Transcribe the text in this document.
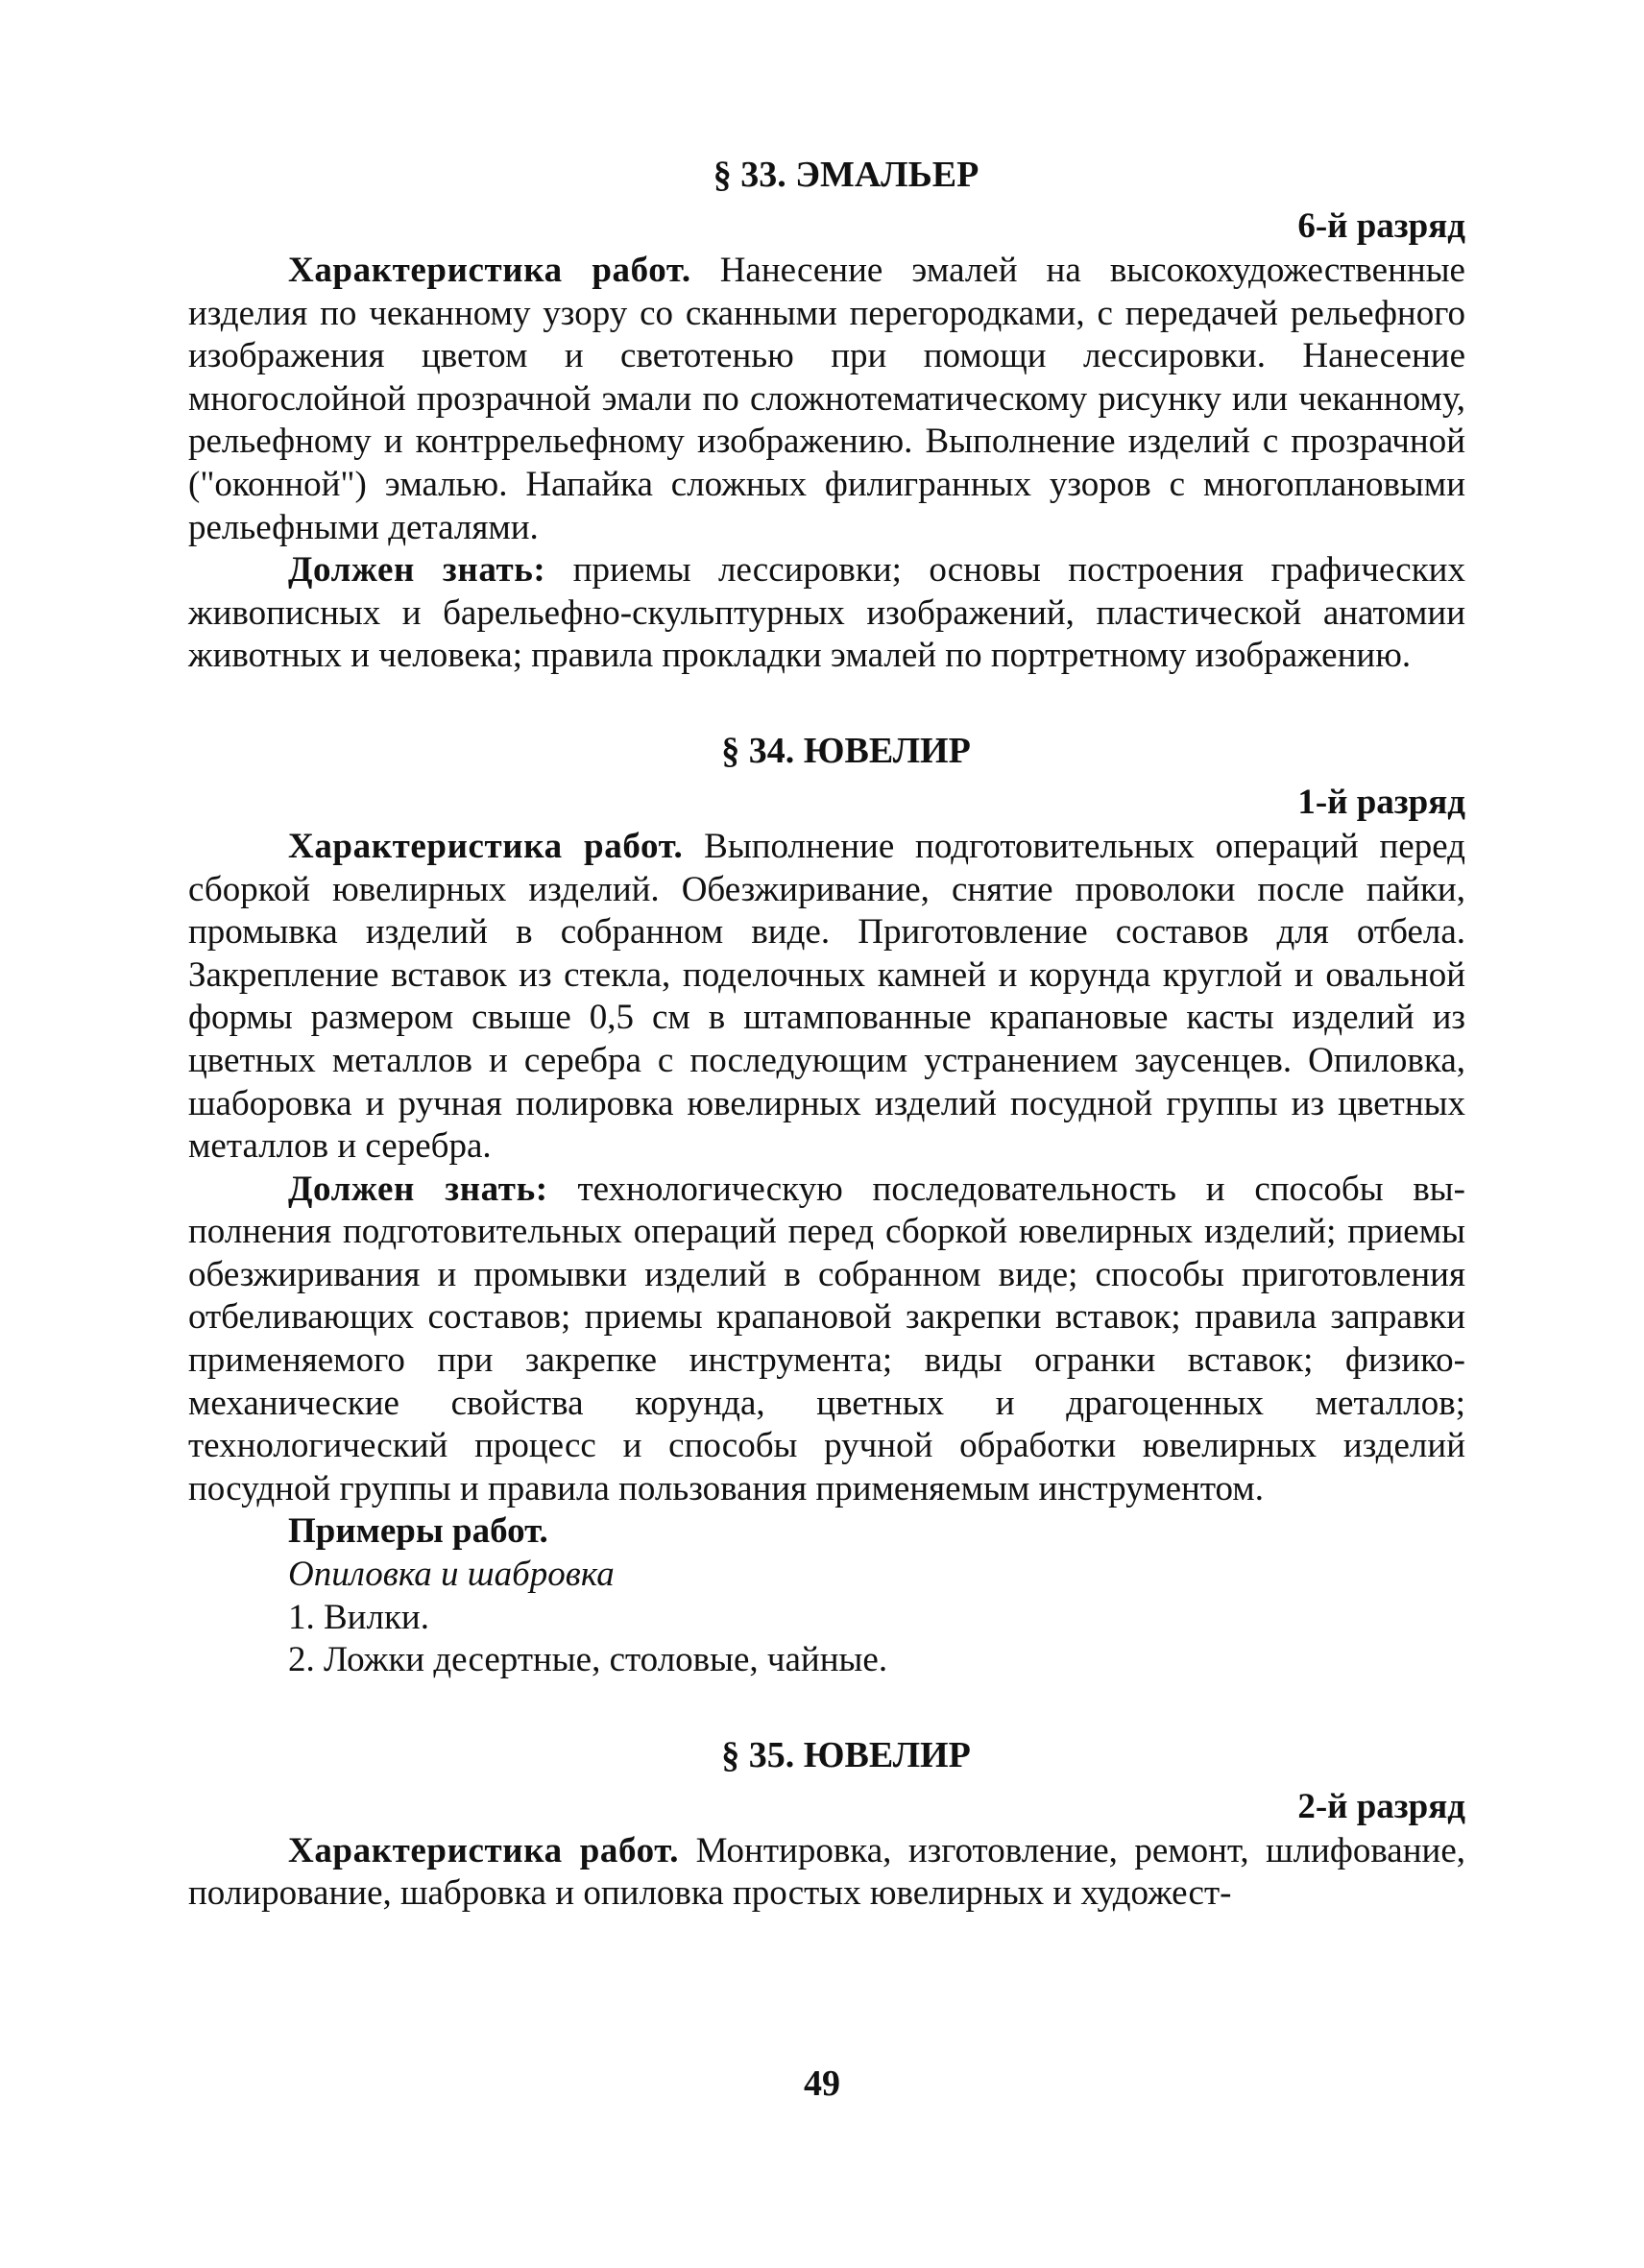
§ 33. ЭМАЛЬЕР
6-й разряд

Характеристика работ. Нанесение эмалей на высокохудожественные изделия по чеканному узору со сканными перегородками, с передачей рельефного изображения цветом и светотенью при помощи лессировки. Нанесение многослойной прозрачной эмали по сложнотематическому рисунку или чеканному, рельефному и контррельефному изображению. Выполнение изделий с прозрачной ("оконной") эмалью. Напайка сложных филигранных узоров с многоплановыми рельефными деталями.

Должен знать: приемы лессировки; основы построения графических живописных и барельефно-скульптурных изображений, пластической анатомии животных и человека; правила прокладки эмалей по портретному изображению.

§ 34. ЮВЕЛИР
1-й разряд

Характеристика работ. Выполнение подготовительных операций перед сборкой ювелирных изделий. Обезжиривание, снятие проволоки после пайки, промывка изделий в собранном виде. Приготовление составов для отбела. Закрепление вставок из стекла, поделочных камней и корунда круглой и овальной формы размером свыше 0,5 см в штампованные крапановые касты изделий из цветных металлов и серебра с последующим устранением заусенцев. Опиловка, шаборовка и ручная полировка ювелирных изделий посудной группы из цветных металлов и серебра.

Должен знать: технологическую последовательность и способы выполнения подготовительных операций перед сборкой ювелирных изделий; приемы обезжиривания и промывки изделий в собранном виде; способы приготовления отбеливающих составов; приемы крапановой закрепки вставок; правила заправки применяемого при закрепке инструмента; виды огранки вставок; физико-механические свойства корунда, цветных и драгоценных металлов; технологический процесс и способы ручной обработки ювелирных изделий посудной группы и правила пользования применяемым инструментом.

Примеры работ.
Опиловка и шабровка
1. Вилки.
2. Ложки десертные, столовые, чайные.
§ 35. ЮВЕЛИР
2-й разряд

Характеристика работ. Монтировка, изготовление, ремонт, шлифование, полирование, шабровка и опиловка простых ювелирных и художест-

49
